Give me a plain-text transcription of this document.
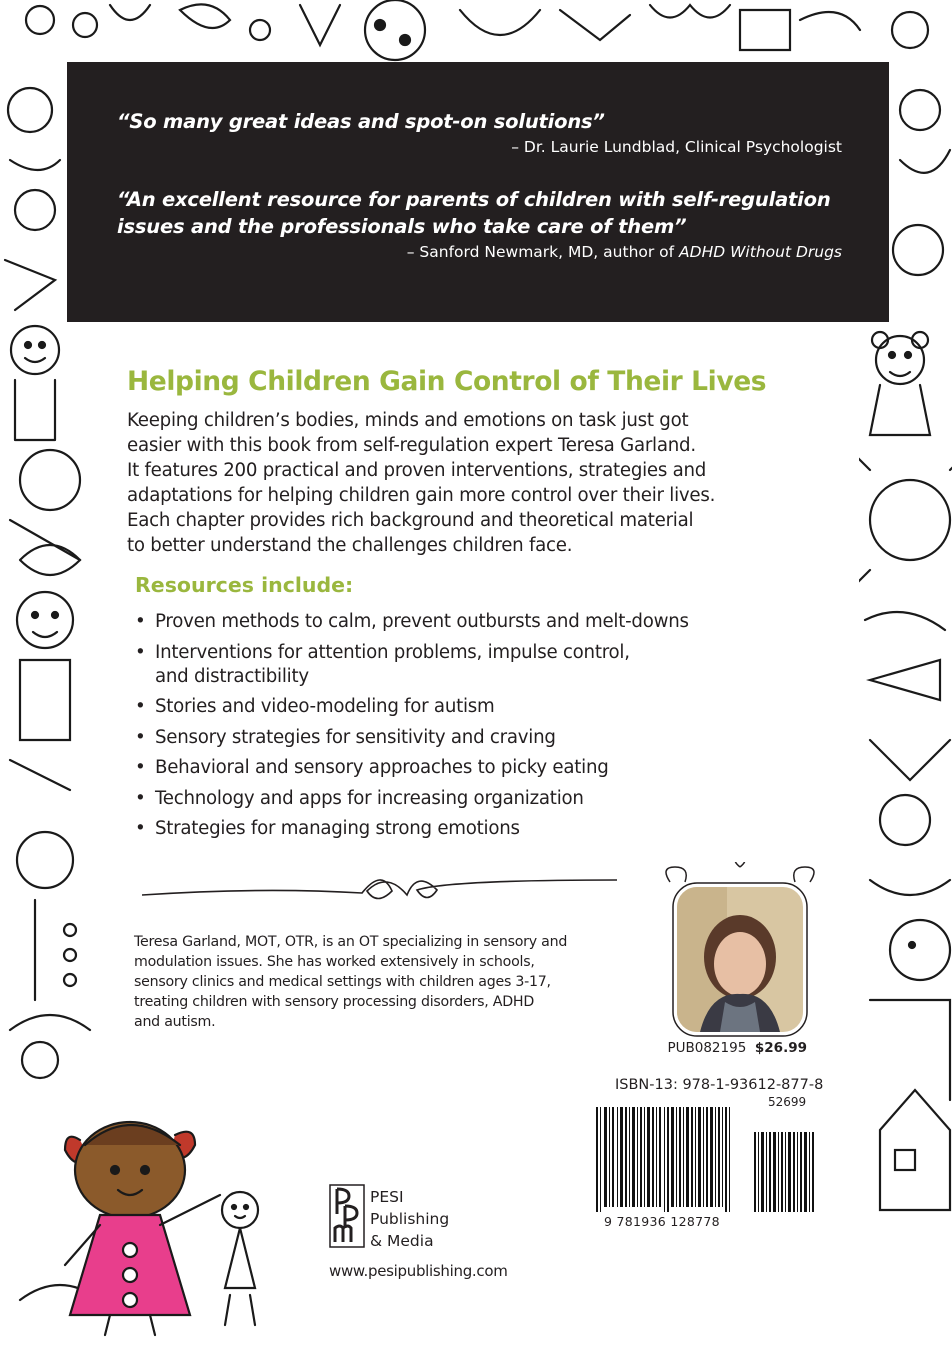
“So many great ideas and spot-on solutions”
– Dr. Laurie Lundblad, Clinical Psychologist
“An excellent resource for parents of children with self-regulation
issues and the professionals who take care of them”
– Sanford Newmark, MD, author of ADHD Without Drugs
Helping Children Gain Control of Their Lives
Keeping children’s bodies, minds and emotions on task just got
easier with this book from self-regulation expert Teresa Garland.
It features 200 practical and proven interventions, strategies and
adaptations for helping children gain more control over their lives.
Each chapter provides rich background and theoretical material
to better understand the challenges children face.
Resources include:
• Proven methods to calm, prevent outbursts and melt-downs
• Interventions for attention problems, impulse control,
and distractibility
• Stories and video-modeling for autism
• Sensory strategies for sensitivity and craving
• Behavioral and sensory approaches to picky eating
• Technology and apps for increasing organization
• Strategies for managing strong emotions
Teresa Garland, MOT, OTR, is an OT specializing in sensory and
modulation issues. She has worked extensively in schools,
sensory clinics and medical settings with children ages 3-17,
treating children with sensory processing disorders, ADHD
and autism.
PUB082195 $26.99
ISBN-13: 978-1-93612-877-8
52699
9 781936 128778
PESI
Publishing
& Media
www.pesipublishing.com
